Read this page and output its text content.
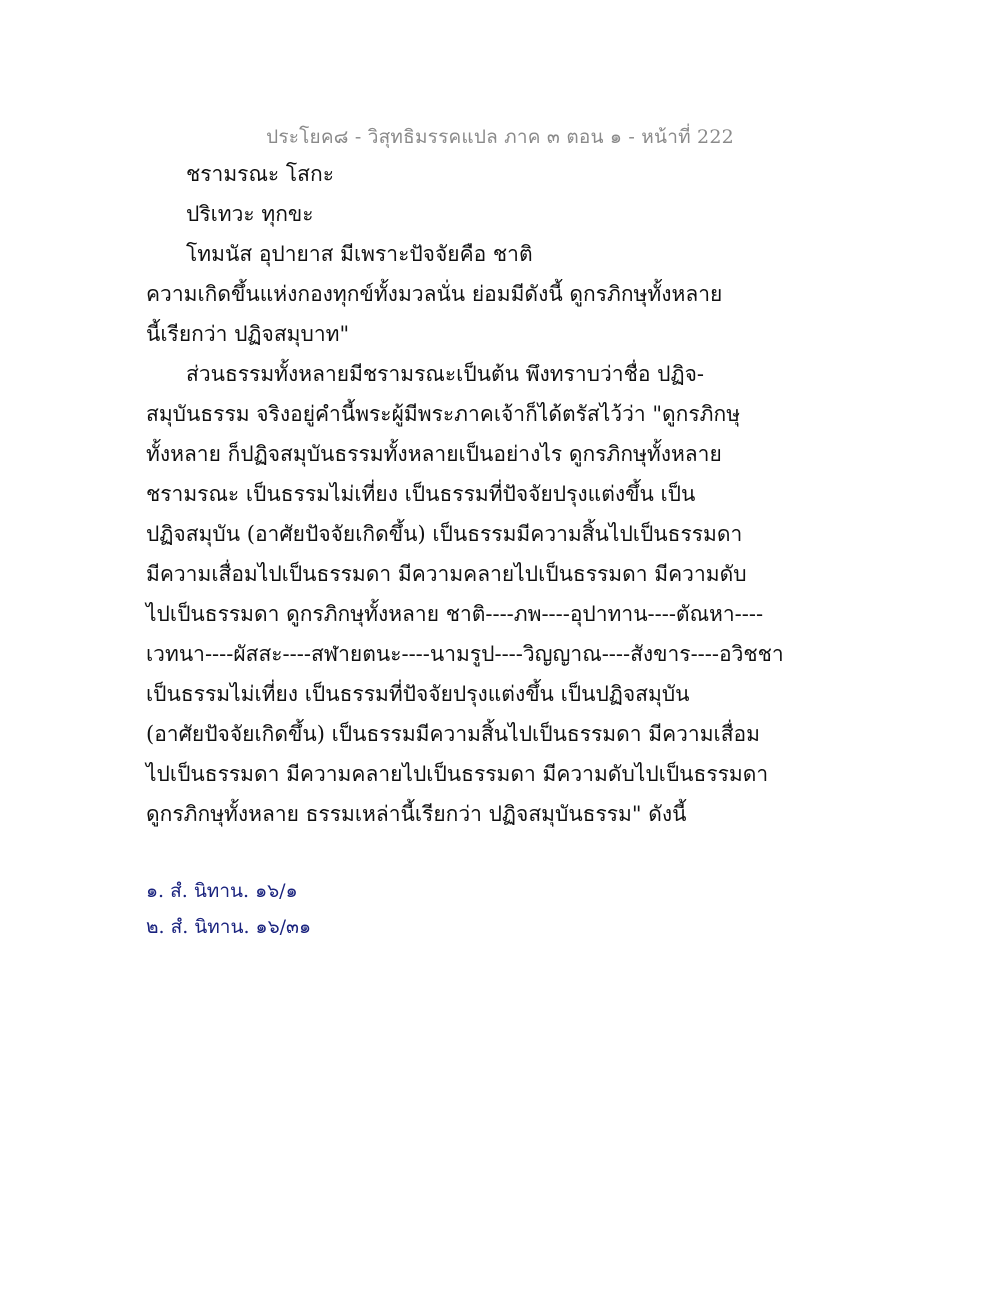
ประโยค๘ - วิสุทธิมรรคแปล ภาค ๓ ตอน ๑ - หน้าที่ 222
ชรามรณะ โสกะ
ปริเทวะ ทุกขะ
โทมนัส อุปายาส มีเพราะปัจจัยคือ ชาติ
ความเกิดขึ้นแห่งกองทุกข์ทั้งมวลนั่น ย่อมมีดังนี้ ดูกรภิกษุทั้งหลาย
นี้เรียกว่า ปฏิจสมุบาท"
ส่วนธรรมทั้งหลายมีชรามรณะเป็นต้น พึงทราบว่าชื่อ ปฏิจ-
สมุบันธรรม จริงอยู่คำนี้พระผู้มีพระภาคเจ้าก็ได้ตรัสไว้ว่า "ดูกรภิกษุ
ทั้งหลาย ก็ปฏิจสมุบันธรรมทั้งหลายเป็นอย่างไร ดูกรภิกษุทั้งหลาย
ชรามรณะ เป็นธรรมไม่เที่ยง เป็นธรรมที่ปัจจัยปรุงแต่งขึ้น เป็น
ปฏิจสมุบัน (อาศัยปัจจัยเกิดขึ้น) เป็นธรรมมีความสิ้นไปเป็นธรรมดา
มีความเสื่อมไปเป็นธรรมดา มีความคลายไปเป็นธรรมดา มีความดับ
ไปเป็นธรรมดา ดูกรภิกษุทั้งหลาย ชาติ----ภพ----อุปาทาน----ตัณหา----
เวทนา----ผัสสะ----สฬายตนะ----นามรูป----วิญญาณ----สังขาร----อวิชชา
เป็นธรรมไม่เที่ยง เป็นธรรมที่ปัจจัยปรุงแต่งขึ้น เป็นปฏิจสมุบัน
(อาศัยปัจจัยเกิดขึ้น) เป็นธรรมมีความสิ้นไปเป็นธรรมดา มีความเสื่อม
ไปเป็นธรรมดา มีความคลายไปเป็นธรรมดา มีความดับไปเป็นธรรมดา
ดูกรภิกษุทั้งหลาย ธรรมเหล่านี้เรียกว่า ปฏิจสมุบันธรรม" ดังนี้
๑. สํ. นิทาน. ๑๖/๑
๒. สํ. นิทาน. ๑๖/๓๑
